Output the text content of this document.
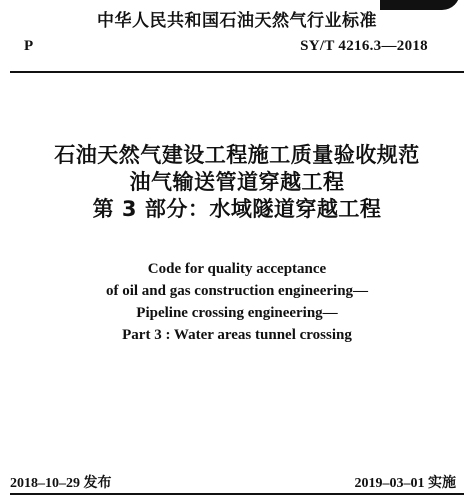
中华人民共和国石油天然气行业标准
P	SY/T 4216.3—2018

石油天然气建设工程施工质量验收规范

油气输送管道穿越工程

第 3 部分：水域隧道穿越工程

Code for quality acceptance

of oil and gas construction engineering—

Pipeline crossing engineering—

Part 3 : Water areas tunnel crossing

2018–10–29 发布	2019–03–01 实施
